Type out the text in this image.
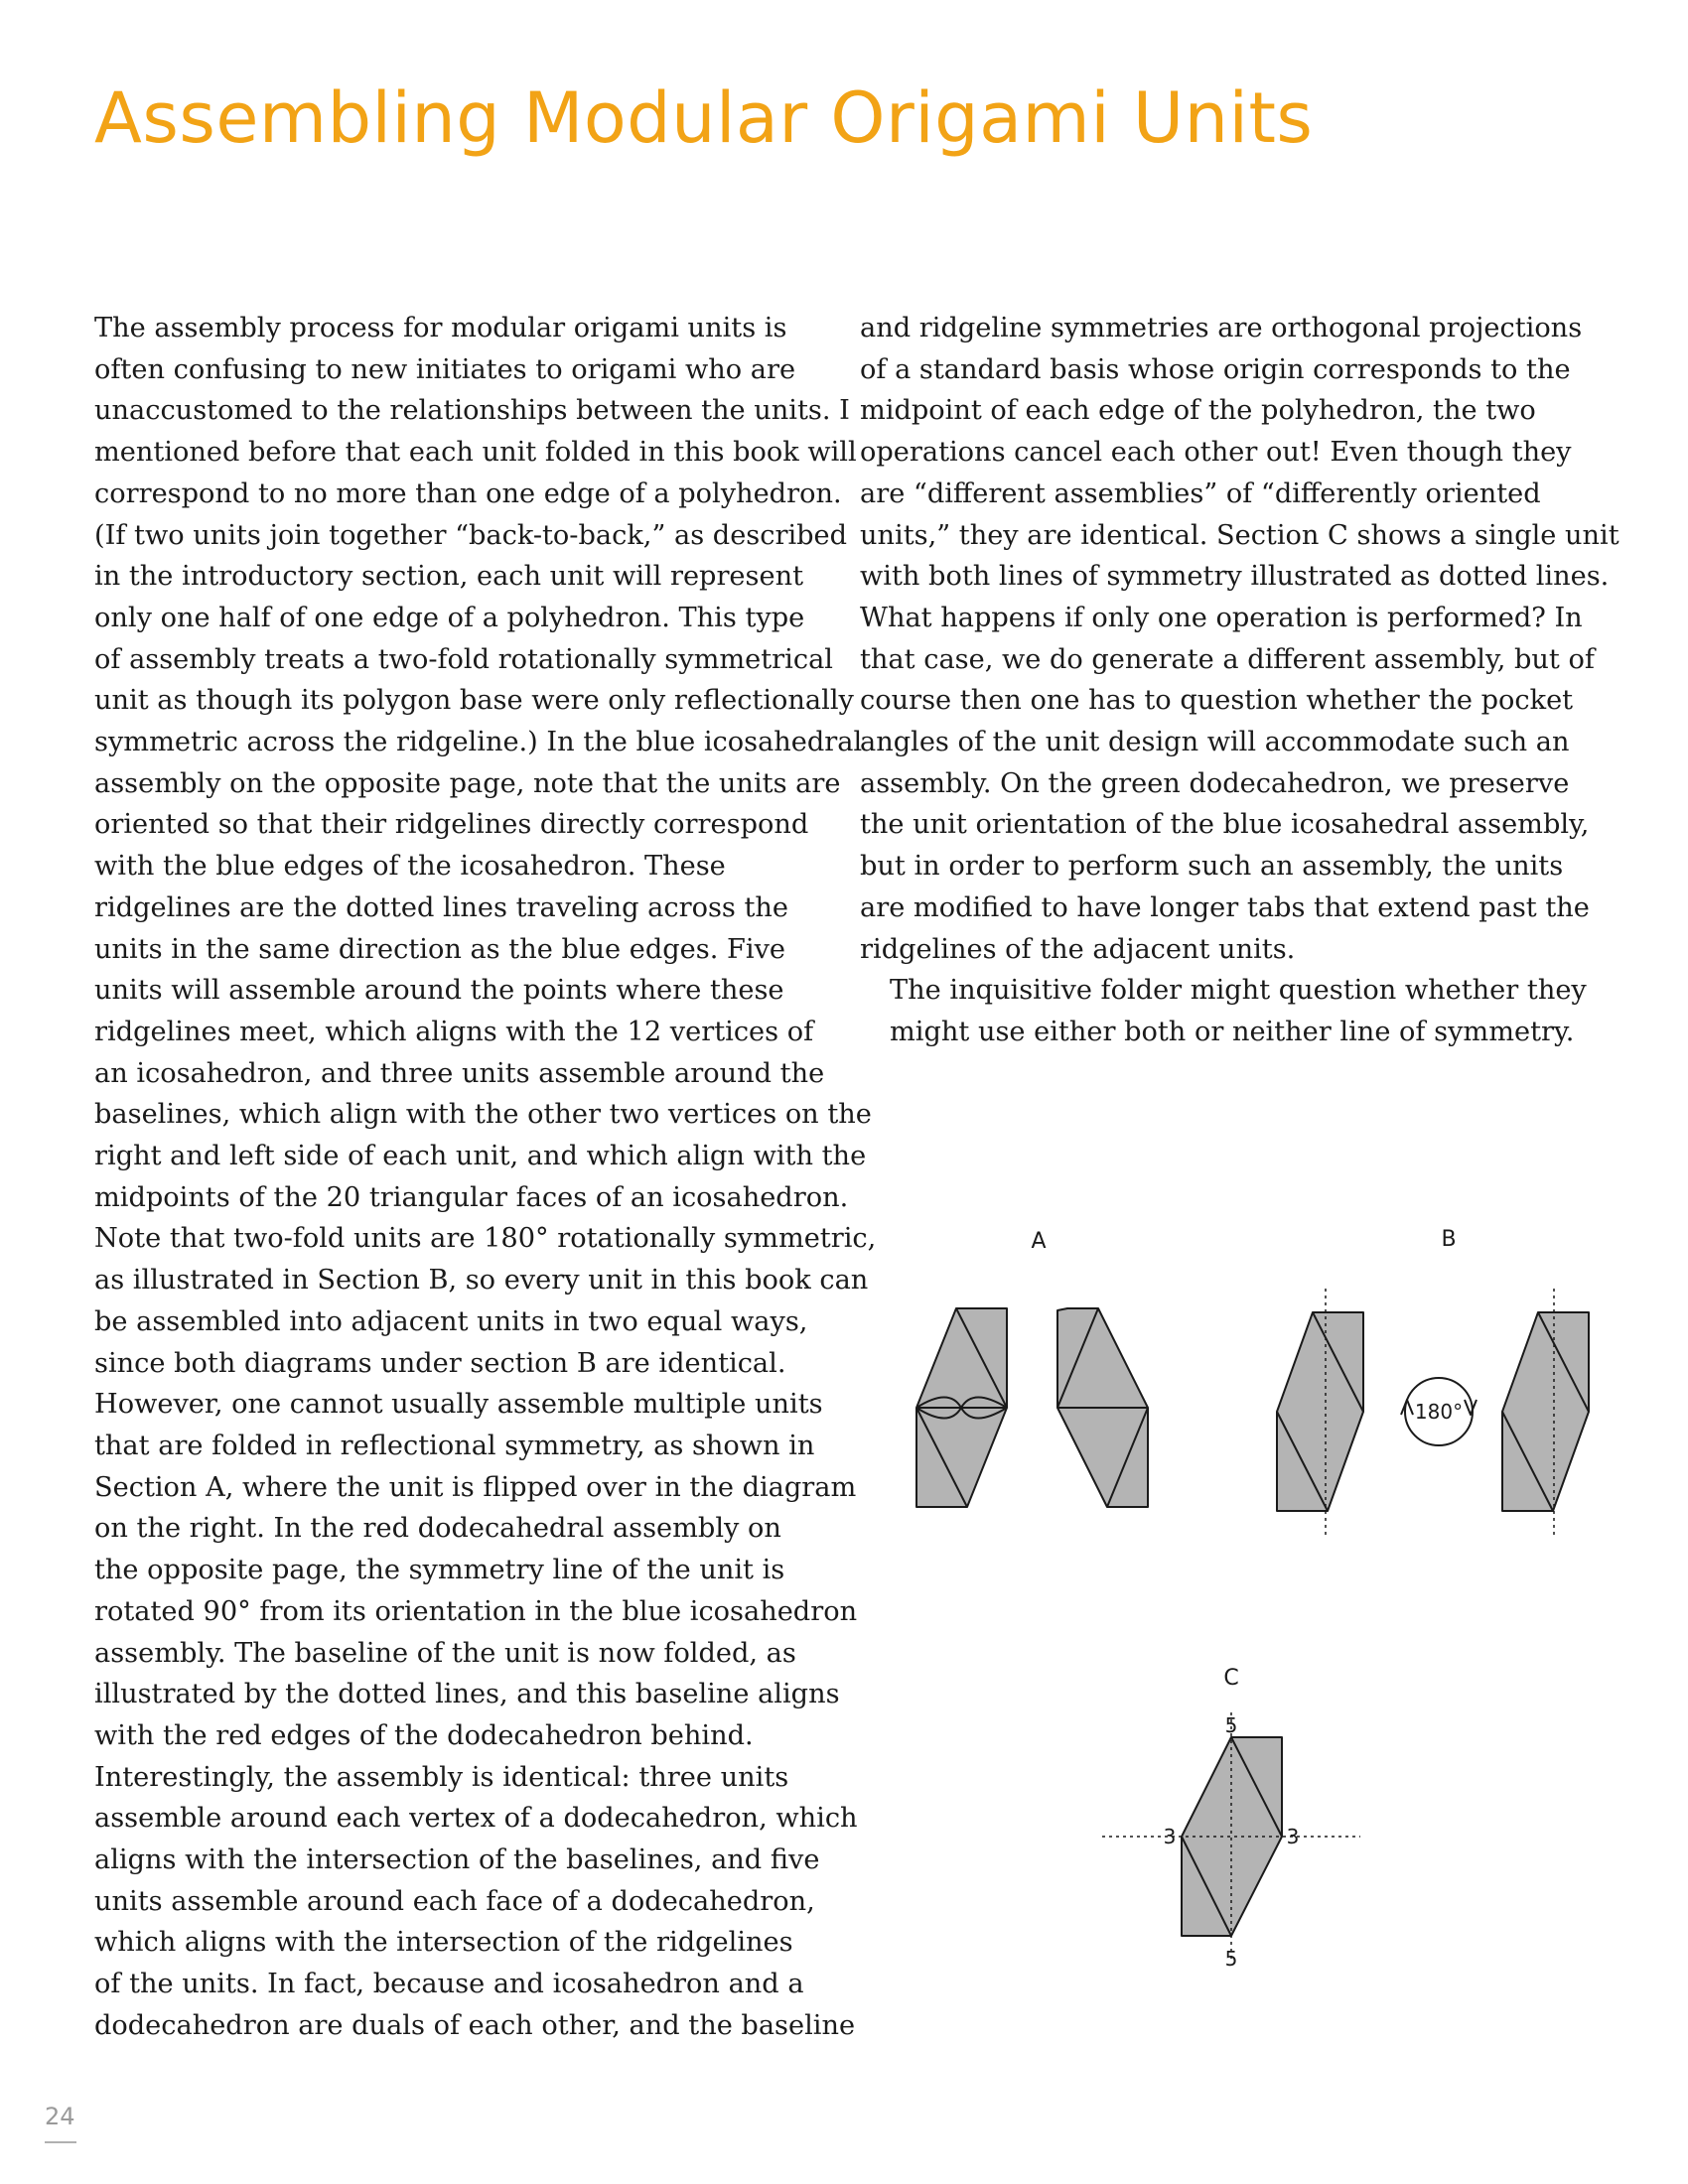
Assembling Modular Origami Units

The assembly process for modular origami units is
often confusing to new initiates to origami who are
unaccustomed to the relationships between the units. I
mentioned before that each unit folded in this book will
correspond to no more than one edge of a polyhedron.
(If two units join together “back-to-back,” as described
in the introductory section, each unit will represent
only one half of one edge of a polyhedron. This type
of assembly treats a two-fold rotationally symmetrical
unit as though its polygon base were only reflectionally
symmetric across the ridgeline.) In the blue icosahedral
assembly on the opposite page, note that the units are
oriented so that their ridgelines directly correspond
with the blue edges of the icosahedron. These
ridgelines are the dotted lines traveling across the
units in the same direction as the blue edges. Five
units will assemble around the points where these
ridgelines meet, which aligns with the 12 vertices of
an icosahedron, and three units assemble around the
baselines, which align with the other two vertices on the
right and left side of each unit, and which align with the
midpoints of the 20 triangular faces of an icosahedron.
Note that two-fold units are 180° rotationally symmetric,
as illustrated in Section B, so every unit in this book can
be assembled into adjacent units in two equal ways,
since both diagrams under section B are identical.
However, one cannot usually assemble multiple units
that are folded in reflectional symmetry, as shown in
Section A, where the unit is flipped over in the diagram
on the right. In the red dodecahedral assembly on
the opposite page, the symmetry line of the unit is
rotated 90° from its orientation in the blue icosahedron
assembly. The baseline of the unit is now folded, as
illustrated by the dotted lines, and this baseline aligns
with the red edges of the dodecahedron behind.
Interestingly, the assembly is identical: three units
assemble around each vertex of a dodecahedron, which
aligns with the intersection of the baselines, and five
units assemble around each face of a dodecahedron,
which aligns with the intersection of the ridgelines
of the units. In fact, because and icosahedron and a
dodecahedron are duals of each other, and the baseline

and ridgeline symmetries are orthogonal projections
of a standard basis whose origin corresponds to the
midpoint of each edge of the polyhedron, the two
operations cancel each other out! Even though they
are “different assemblies” of “differently oriented
units,” they are identical. Section C shows a single unit
with both lines of symmetry illustrated as dotted lines.
What happens if only one operation is performed? In
that case, we do generate a different assembly, but of
course then one has to question whether the pocket
angles of the unit design will accommodate such an
assembly. On the green dodecahedron, we preserve
the unit orientation of the blue icosahedral assembly,
but in order to perform such an assembly, the units
are modified to have longer tabs that extend past the
ridgelines of the adjacent units.

The inquisitive folder might question whether they
might use either both or neither line of symmetry.

A	B
C
180°
5
5
3	3
24
